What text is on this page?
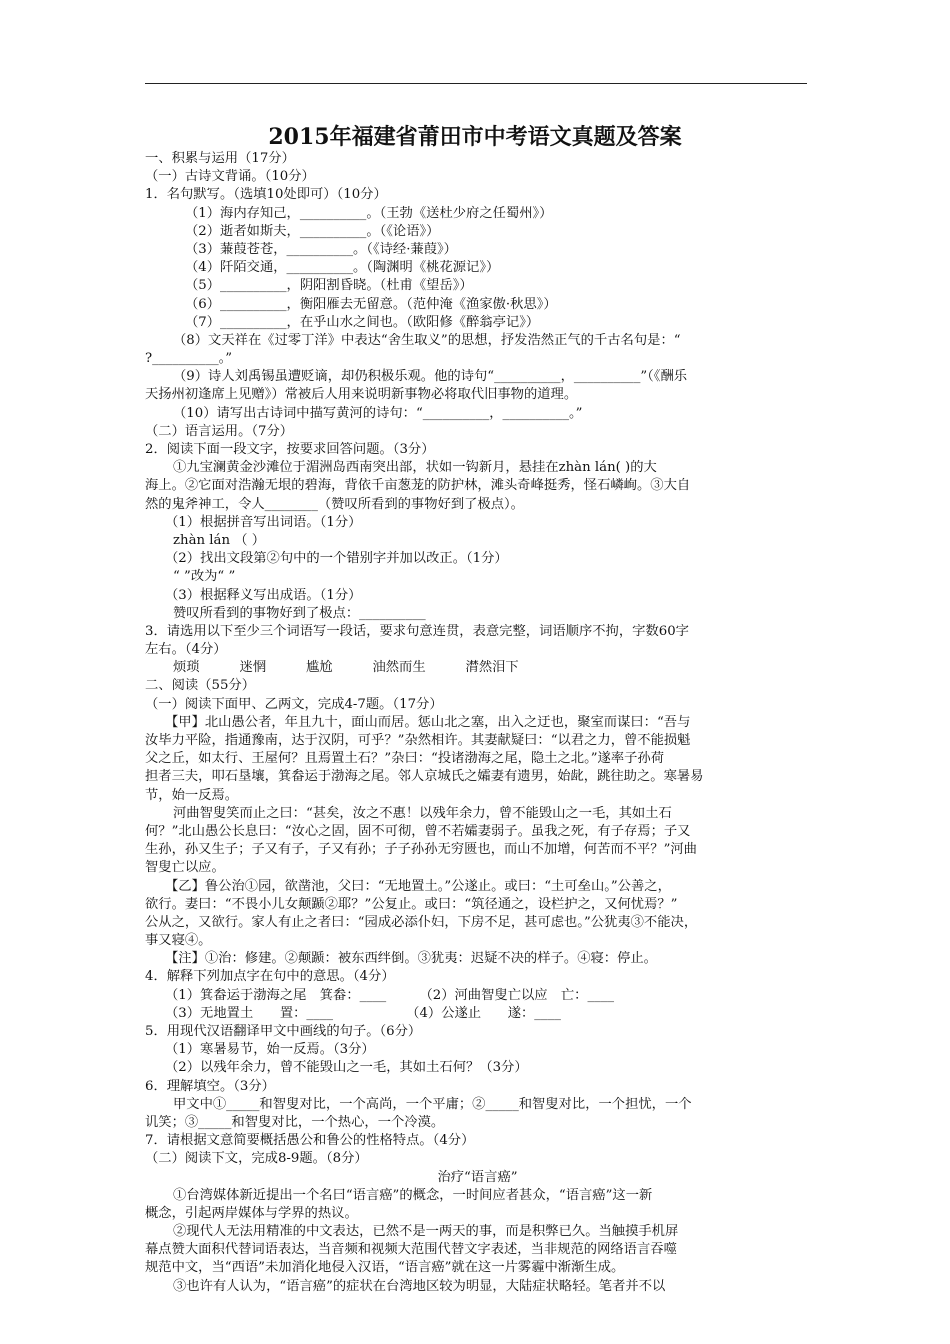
2015年福建省莆田市中考语文真题及答案
一、积累与运用（17分）
（一）古诗文背诵。（10分）
1．名句默写。（选填10处即可）（10分）
（1）海内存知己，__________。（王勃《送杜少府之任蜀州》）
（2）逝者如斯夫，__________。（《论语》）
（3）蒹葭苍苍，__________。（《诗经·蒹葭》）
（4）阡陌交通，__________。（陶渊明《桃花源记》）
（5）__________，阴阳割昏晓。（杜甫《望岳》）
（6）__________，衡阳雁去无留意。（范仲淹《渔家傲·秋思》）
（7）__________，在乎山水之间也。（欧阳修《醉翁亭记》）
（8）文天祥在《过零丁洋》中表达“舍生取义”的思想，抒发浩然正气的千古名句是：“
?__________。”
（9）诗人刘禹锡虽遭贬谪，却仍积极乐观。他的诗句“__________，__________”（《酬乐
天扬州初逢席上见赠》）常被后人用来说明新事物必将取代旧事物的道理。
（10）请写出古诗词中描写黄河的诗句：“__________，__________。”
（二）语言运用。（7分）
2．阅读下面一段文字，按要求回答问题。（3分）
①九宝澜黄金沙滩位于湄洲岛西南突出部，状如一钩新月，悬挂在zhàn lán( )的大
海上。②它面对浩瀚无垠的碧海，背依千亩葱茏的防护林，滩头奇峰挺秀，怪石嶙峋。③大自
然的鬼斧神工，令人________（赞叹所看到的事物好到了极点）。
（1）根据拼音写出词语。（1分）
zhàn lán （ ）
（2）找出文段第②句中的一个错别字并加以改正。（1分）
“ ”改为“ ”
（3）根据释义写出成语。（1分）
赞叹所看到的事物好到了极点：__________
3．请选用以下至少三个词语写一段话，要求句意连贯，表意完整，词语顺序不拘，字数60字
左右。（4分）
烦琐　　　迷惘　　　尴尬　　　油然而生　　　潸然泪下
二、阅读（55分）
（一）阅读下面甲、乙两文，完成4-7题。（17分）
【甲】北山愚公者，年且九十，面山而居。惩山北之塞，出入之迂也，聚室而谋曰：“吾与
汝毕力平险，指通豫南，达于汉阴，可乎？”杂然相许。其妻献疑曰：“以君之力，曾不能损魁
父之丘，如太行、王屋何？且焉置土石？”杂曰：“投诸渤海之尾，隐土之北。”遂率子孙荷
担者三夫，叩石垦壤，箕畚运于渤海之尾。邻人京城氏之孀妻有遗男，始龀，跳往助之。寒暑易
节，始一反焉。
河曲智叟笑而止之曰：“甚矣，汝之不惠！以残年余力，曾不能毁山之一毛，其如土石
何？”北山愚公长息曰：“汝心之固，固不可彻，曾不若孀妻弱子。虽我之死，有子存焉；子又
生孙，孙又生子；子又有子，子又有孙；子子孙孙无穷匮也，而山不加增，何苦而不平？”河曲
智叟亡以应。
【乙】鲁公治①园，欲凿池，父曰：“无地置土。”公遂止。或曰：“土可垒山。”公善之，
欲行。妻曰：“不畏小儿女颠踬②耶？”公复止。或曰：“筑径通之，设栏护之，又何忧焉？”
公从之，又欲行。家人有止之者曰：“园成必添仆妇，下房不足，甚可虑也。”公犹夷③不能决，
事又寝④。
【注】①治：修建。②颠踬：被东西绊倒。③犹夷：迟疑不决的样子。④寝：停止。
4．解释下列加点字在句中的意思。（4分）
（1）箕畚运于渤海之尾　箕畚：____　　　（2）河曲智叟亡以应　亡：____
（3）无地置土　　置：____　　　　　　（4）公遂止　　遂：____
5．用现代汉语翻译甲文中画线的句子。（6分）
（1）寒暑易节，始一反焉。（3分）
（2）以残年余力，曾不能毁山之一毛，其如土石何？（3分）
6．理解填空。（3分）
甲文中①_____和智叟对比，一个高尚，一个平庸；②_____和智叟对比，一个担忧，一个
讥笑；③_____和智叟对比，一个热心，一个冷漠。
7．请根据文意简要概括愚公和鲁公的性格特点。（4分）
（二）阅读下文，完成8-9题。（8分）
治疗“语言癌”
①台湾媒体新近提出一个名曰“语言癌”的概念，一时间应者甚众，“语言癌”这一新
概念，引起两岸媒体与学界的热议。
②现代人无法用精准的中文表达，已然不是一两天的事，而是积弊已久。当触摸手机屏
幕点赞大面积代替词语表达，当音频和视频大范围代替文字表述，当非规范的网络语言吞噬
规范中文，当“西语”未加消化地侵入汉语，“语言癌”就在这一片雾霾中渐渐生成。
③也许有人认为，“语言癌”的症状在台湾地区较为明显，大陆症状略轻。笔者并不以
